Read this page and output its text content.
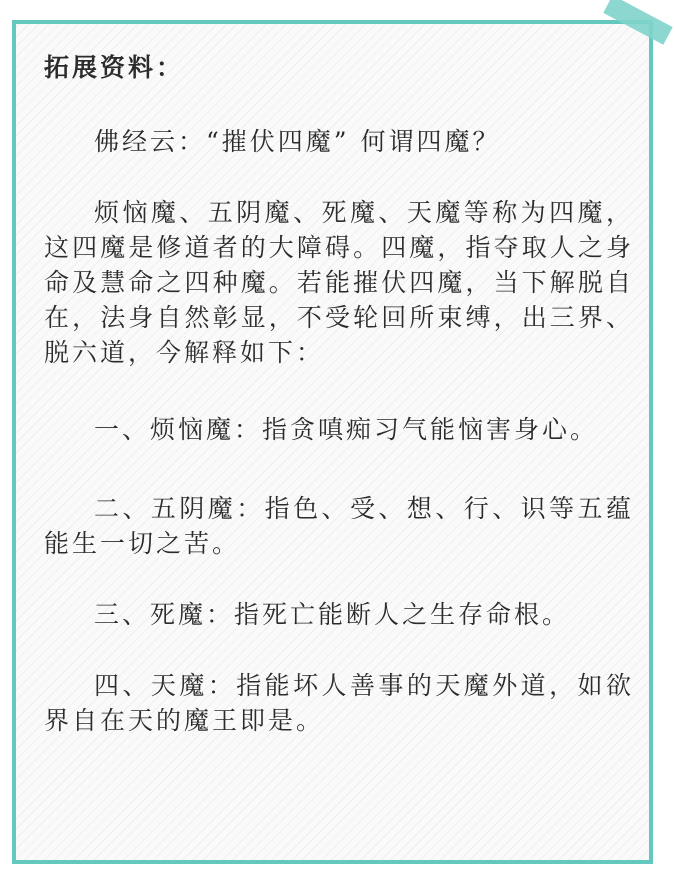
拓展资料：

佛经云：“摧伏四魔” 何谓四魔？

烦恼魔、五阴魔、死魔、天魔等称为四魔，这四魔是修道者的大障碍。四魔，指夺取人之身命及慧命之四种魔。若能摧伏四魔，当下解脱自在，法身自然彰显，不受轮回所束缚，出三界、脱六道，今解释如下：

一、烦恼魔：指贪嗔痴习气能恼害身心。

二、五阴魔：指色、受、想、行、识等五蕴能生一切之苦。

三、死魔：指死亡能断人之生存命根。

四、天魔：指能坏人善事的天魔外道，如欲界自在天的魔王即是。
